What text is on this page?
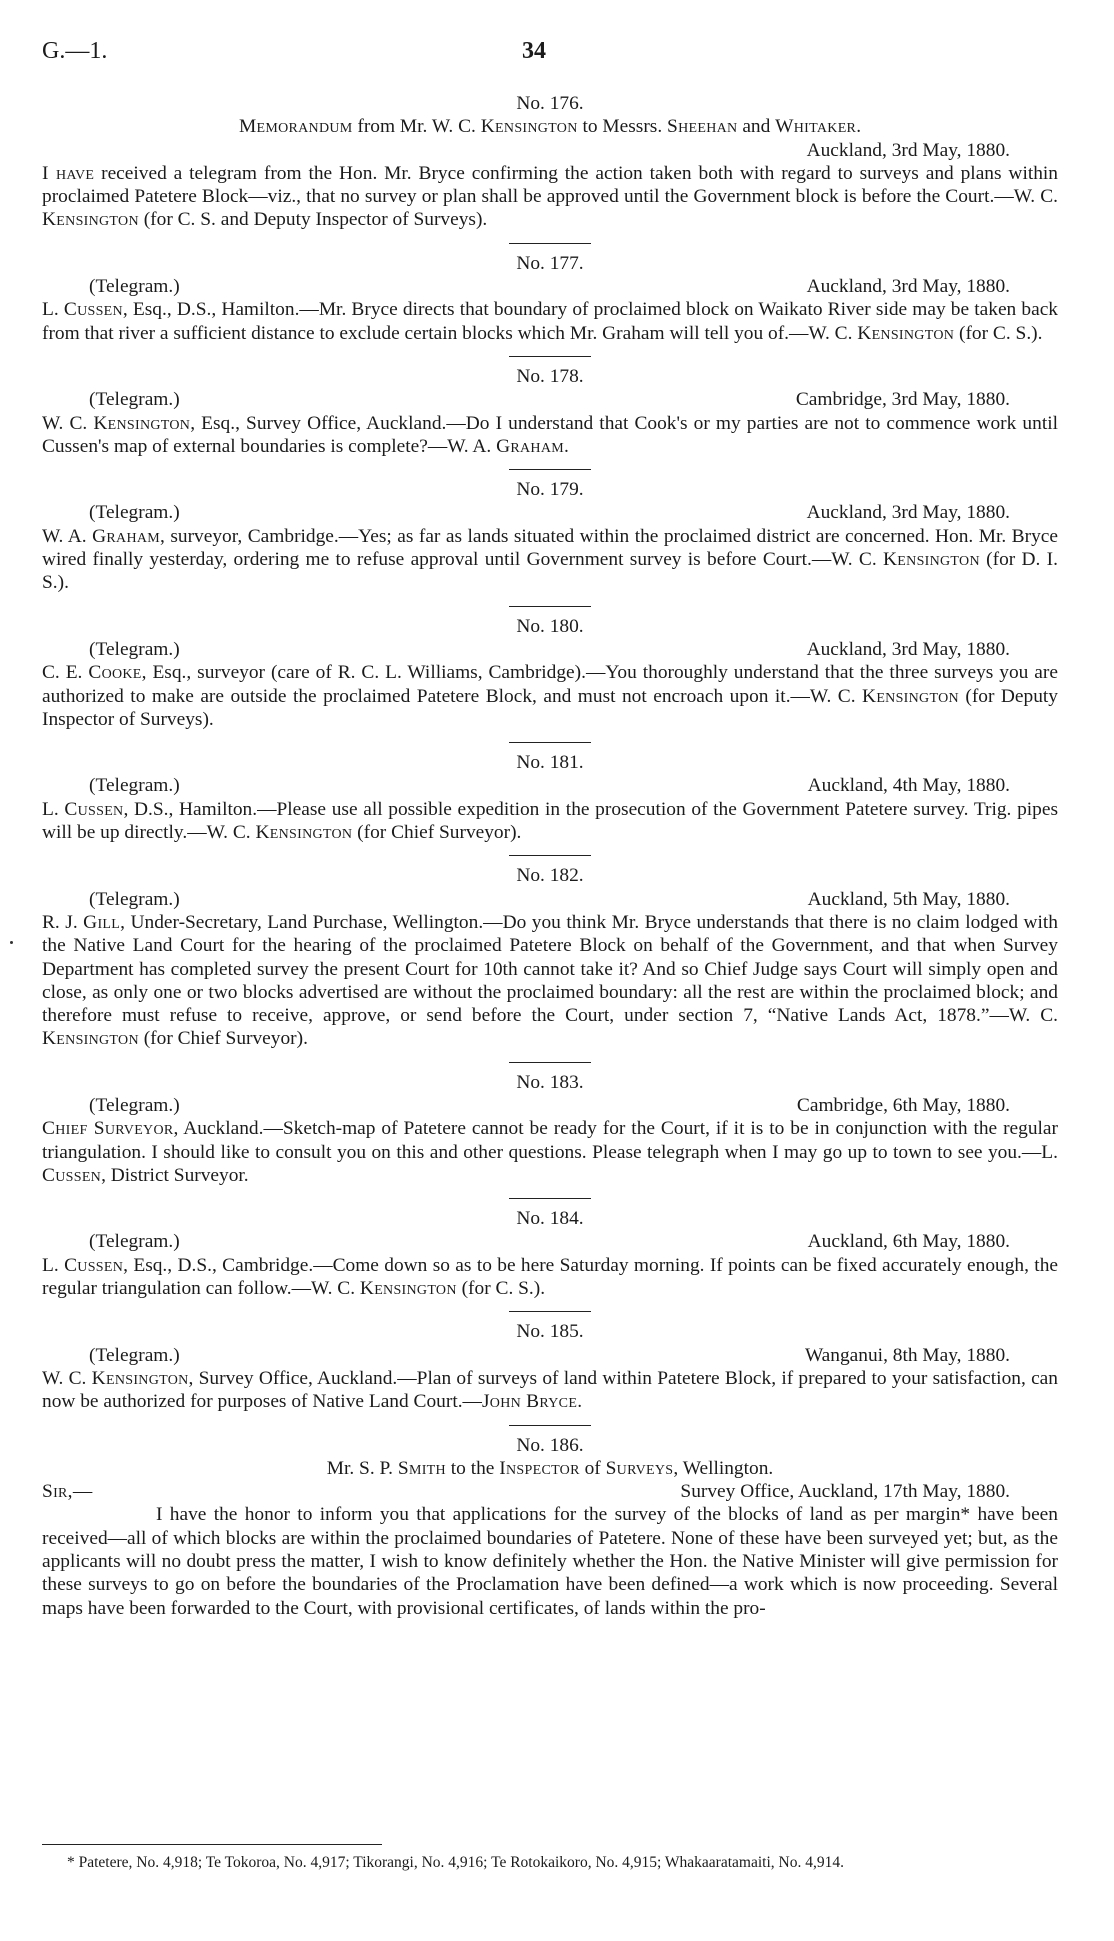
G.—1.	34

No. 176.

Memorandum from Mr. W. C. Kensington to Messrs. Sheehan and Whitaker.

Auckland, 3rd May, 1880.

I have received a telegram from the Hon. Mr. Bryce confirming the action taken both with regard to surveys and plans within proclaimed Patetere Block—viz., that no survey or plan shall be approved until the Government block is before the Court.—W. C. Kensington (for C. S. and Deputy Inspector of Surveys).

No. 177.

(Telegram.)	Auckland, 3rd May, 1880.

L. Cussen, Esq., D.S., Hamilton.—Mr. Bryce directs that boundary of proclaimed block on Waikato River side may be taken back from that river a sufficient distance to exclude certain blocks which Mr. Graham will tell you of.—W. C. Kensington (for C. S.).

No. 178.

(Telegram.)	Cambridge, 3rd May, 1880.

W. C. Kensington, Esq., Survey Office, Auckland.—Do I understand that Cook's or my parties are not to commence work until Cussen's map of external boundaries is complete?—W. A. Graham.

No. 179.

(Telegram.)	Auckland, 3rd May, 1880.

W. A. Graham, surveyor, Cambridge.—Yes; as far as lands situated within the proclaimed district are concerned. Hon. Mr. Bryce wired finally yesterday, ordering me to refuse approval until Government survey is before Court.—W. C. Kensington (for D. I. S.).

No. 180.

(Telegram.)	Auckland, 3rd May, 1880.

C. E. Cooke, Esq., surveyor (care of R. C. L. Williams, Cambridge).—You thoroughly understand that the three surveys you are authorized to make are outside the proclaimed Patetere Block, and must not encroach upon it.—W. C. Kensington (for Deputy Inspector of Surveys).

No. 181.

(Telegram.)	Auckland, 4th May, 1880.

L. Cussen, D.S., Hamilton.—Please use all possible expedition in the prosecution of the Government Patetere survey. Trig. pipes will be up directly.—W. C. Kensington (for Chief Surveyor).

No. 182.

(Telegram.)	Auckland, 5th May, 1880.

R. J. Gill, Under-Secretary, Land Purchase, Wellington.—Do you think Mr. Bryce understands that there is no claim lodged with the Native Land Court for the hearing of the proclaimed Patetere Block on behalf of the Government, and that when Survey Department has completed survey the present Court for 10th cannot take it? And so Chief Judge says Court will simply open and close, as only one or two blocks advertised are without the proclaimed boundary: all the rest are within the proclaimed block; and therefore must refuse to receive, approve, or send before the Court, under section 7, “Native Lands Act, 1878.”—W. C. Kensington (for Chief Surveyor).

No. 183.

(Telegram.)	Cambridge, 6th May, 1880.

Chief Surveyor, Auckland.—Sketch-map of Patetere cannot be ready for the Court, if it is to be in conjunction with the regular triangulation. I should like to consult you on this and other questions. Please telegraph when I may go up to town to see you.—L. Cussen, District Surveyor.

No. 184.

(Telegram.)	Auckland, 6th May, 1880.

L. Cussen, Esq., D.S., Cambridge.—Come down so as to be here Saturday morning. If points can be fixed accurately enough, the regular triangulation can follow.—W. C. Kensington (for C. S.).

No. 185.

(Telegram.)	Wanganui, 8th May, 1880.

W. C. Kensington, Survey Office, Auckland.—Plan of surveys of land within Patetere Block, if prepared to your satisfaction, can now be authorized for purposes of Native Land Court.—John Bryce.

No. 186.

Mr. S. P. Smith to the Inspector of Surveys, Wellington.

Sir,—	Survey Office, Auckland, 17th May, 1880.

I have the honor to inform you that applications for the survey of the blocks of land as per margin* have been received—all of which blocks are within the proclaimed boundaries of Patetere. None of these have been surveyed yet; but, as the applicants will no doubt press the matter, I wish to know definitely whether the Hon. the Native Minister will give permission for these surveys to go on before the boundaries of the Proclamation have been defined—a work which is now proceeding. Several maps have been forwarded to the Court, with provisional certificates, of lands within the pro-

* Patetere, No. 4,918; Te Tokoroa, No. 4,917; Tikorangi, No. 4,916; Te Rotokaikoro, No. 4,915; Whakaaratamaiti, No. 4,914.
